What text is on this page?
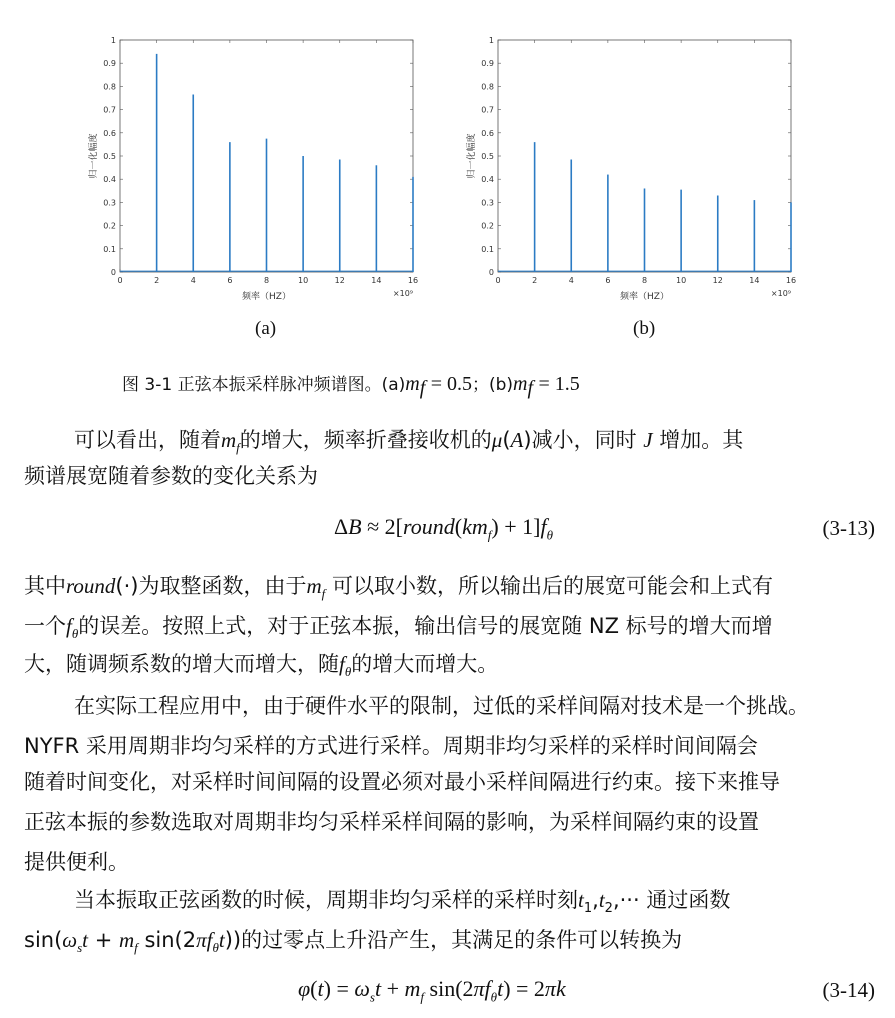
0
0.1
0.2
0.3
0.4
0.5
0.6
0.7
0.8
0.9
1
0	2	4	6	8	10	12	14	16
频率（HZ）
归一化幅度
×10⁹
0
0.1
0.2
0.3
0.4
0.5
0.6
0.7
0.8
0.9
1
0	2	4	6	8	10	12	14	16
频率（HZ）
归一化幅度
×10⁹
(a)	(b)
图 3-1 正弦本振采样脉冲频谱图。$(a)m_f = 0.5$；$(b)m_f = 1.5$
可以看出，随着$m_f$的增大，频率折叠接收机的μ(A)减小，同时 J 增加。其
频谱展宽随着参数的变化关系为
$\Delta B \approx 2[round(km_f) + 1]f_\theta$	(3-13)
其中round(·)为取整函数，由于$m_f$ 可以取小数，所以输出后的展宽可能会和上式有
一个$f_\theta$的误差。按照上式，对于正弦本振，输出信号的展宽随 NZ 标号的增大而增
大，随调频系数的增大而增大，随$f_\theta$的增大而增大。
在实际工程应用中，由于硬件水平的限制，过低的采样间隔对技术是一个挑战。
NYFR 采用周期非均匀采样的方式进行采样。周期非均匀采样的采样时间间隔会
随着时间变化，对采样时间间隔的设置必须对最小采样间隔进行约束。接下来推导
正弦本振的参数选取对周期非均匀采样采样间隔的影响，为采样间隔约束的设置
提供便利。
当本振取正弦函数的时候，周期非均匀采样的采样时刻$t_1,t_2,\cdot\cdot\cdot$ 通过函数
$\sin(\omega_st + m_f$ $\sin(2\pi f_\theta t)$)的过零点上升沿产生，其满足的条件可以转换为
$\varphi(t) = \omega_st + m_f$ $\sin(2\pi f_\theta t) = 2\pi k$	(3-14)
